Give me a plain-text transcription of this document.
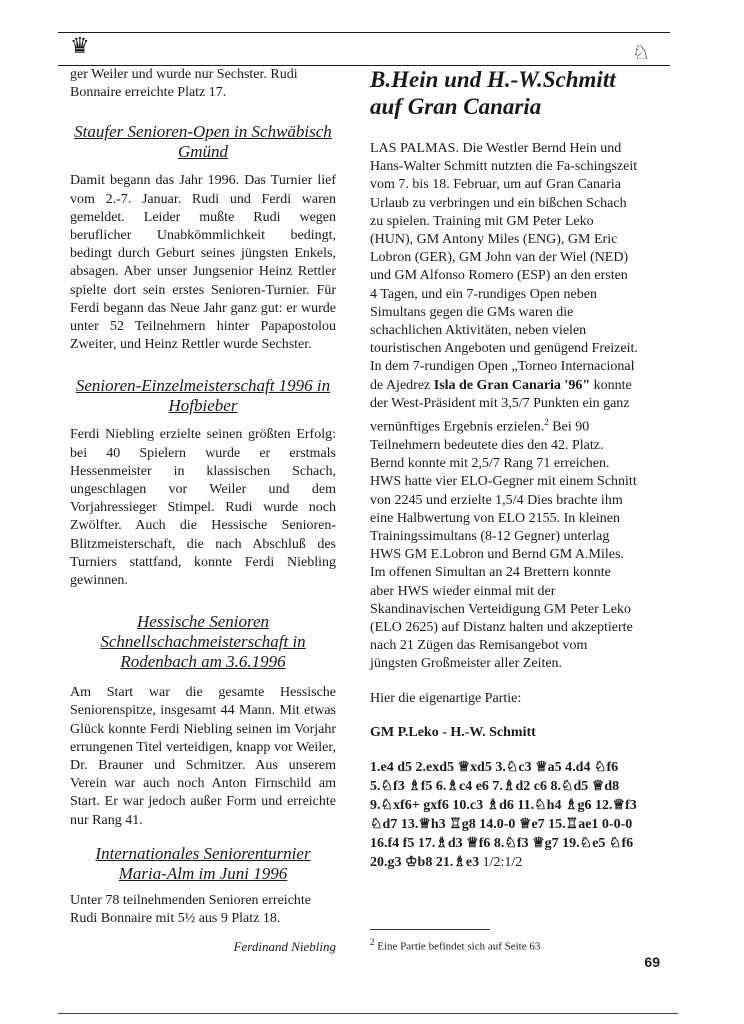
♛	♘

ger Weiler und wurde nur Sechster. Rudi Bonnaire erreichte Platz 17.

Staufer Senioren-Open in Schwäbisch Gmünd

Damit begann das Jahr 1996. Das Turnier lief vom 2.-7. Januar. Rudi und Ferdi waren gemeldet. Leider mußte Rudi wegen beruflicher Unabkömmlichkeit bedingt, bedingt durch Geburt seines jüngsten Enkels, absagen. Aber unser Jungsenior Heinz Rettler spielte dort sein erstes Senioren-Turnier. Für Ferdi begann das Neue Jahr ganz gut: er wurde unter 52 Teilnehmern hinter Papapostolou Zweiter, und Heinz Rettler wurde Sechster.

Senioren-Einzelmeisterschaft 1996 in Hofbieber

Ferdi Niebling erzielte seinen größten Erfolg: bei 40 Spielern wurde er erstmals Hessenmeister in klassischen Schach, ungeschlagen vor Weiler und dem Vorjahressieger Stimpel. Rudi wurde noch Zwölfter. Auch die Hessische Senioren-Blitzmeisterschaft, die nach Abschluß des Turniers stattfand, konnte Ferdi Niebling gewinnen.

Hessische Senioren Schnellschachmeisterschaft in Rodenbach am 3.6.1996

Am Start war die gesamte Hessische Seniorenspitze, insgesamt 44 Mann. Mit etwas Glück konnte Ferdi Niebling seinen im Vorjahr errungenen Titel verteidigen, knapp vor Weiler, Dr. Brauner und Schmitzer. Aus unserem Verein war auch noch Anton Firnschild am Start. Er war jedoch außer Form und erreichte nur Rang 41.

Internationales Seniorenturnier Maria-Alm im Juni 1996

Unter 78 teilnehmenden Senioren erreichte Rudi Bonnaire mit 5½ aus 9 Platz 18.

Ferdinand Niebling

B.Hein und H.-W.Schmitt auf Gran Canaria

LAS PALMAS. Die Westler Bernd Hein und Hans-Walter Schmitt nutzten die Fa-schingszeit vom 7. bis 18. Februar, um auf Gran Canaria Urlaub zu verbringen und ein bißchen Schach zu spielen. Training mit GM Peter Leko (HUN), GM Antony Miles (ENG), GM Eric Lobron (GER), GM John van der Wiel (NED) und GM Alfonso Romero (ESP) an den ersten 4 Tagen, und ein 7-rundiges Open neben Simultans gegen die GMs waren die schachlichen Aktivitäten, neben vielen touristischen Angeboten und genügend Freizeit. In dem 7-rundigen Open „Torneo Internacional de Ajedrez Isla de Gran Canaria '96" konnte der West-Präsident mit 3,5/7 Punkten ein ganz vernünftiges Ergebnis erzielen.$^2$ Bei 90 Teilnehmern bedeutete dies den 42. Platz. Bernd konnte mit 2,5/7 Rang 71 erreichen. HWS hatte vier ELO-Gegner mit einem Schnitt von 2245 und erzielte 1,5/4 Dies brachte ihm eine Halbwertung von ELO 2155. In kleinen Trainingssimultans (8-12 Gegner) unterlag HWS GM E.Lobron und Bernd GM A.Miles. Im offenen Simultan an 24 Brettern konnte aber HWS wieder einmal mit der Skandinavischen Verteidigung GM Peter Leko (ELO 2625) auf Distanz halten und akzeptierte nach 21 Zügen das Remisangebot vom jüngsten Großmeister aller Zeiten.

Hier die eigenartige Partie:

GM P.Leko - H.-W. Schmitt

1.e4 d5 2.exd5 ♕xd5 3.♘c3 ♕a5 4.d4 ♘f6 5.♘f3 ♗f5 6.♗c4 e6 7.♗d2 c6 8.♘d5 ♕d8 9.♘xf6+ gxf6 10.c3 ♗d6 11.♘h4 ♗g6 12.♕f3 ♘d7 13.♕h3 ♖g8 14.0-0 ♕e7 15.♖ae1 0-0-0 16.f4 f5 17.♗d3 ♕f6 8.♘f3 ♕g7 19.♘e5 ♘f6 20.g3 ♔b8 21.♗e3 1/2:1/2

$^2$ Eine Partie befindet sich auf Seite 63
69
